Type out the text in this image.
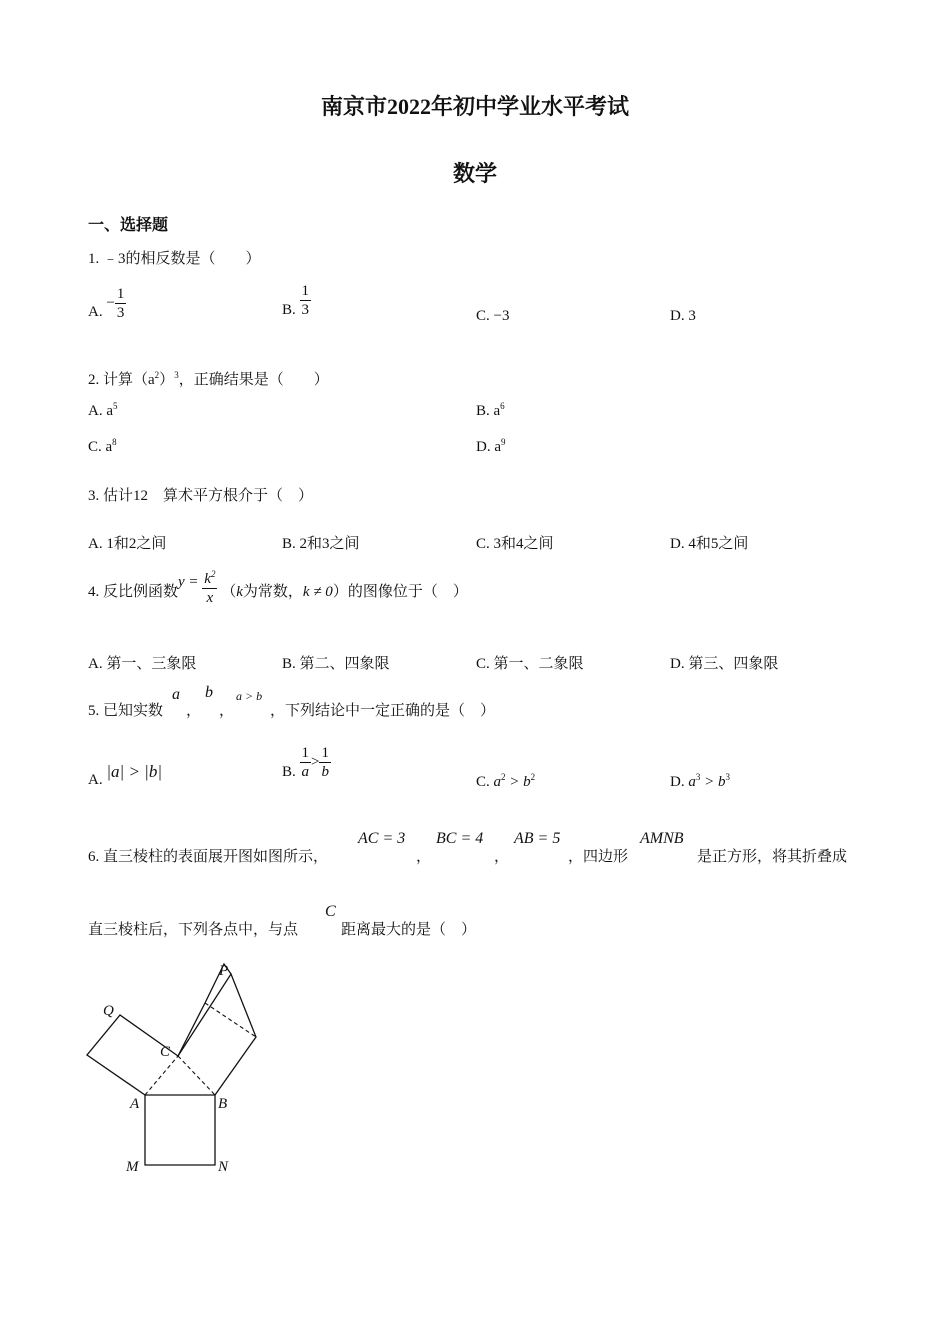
南京市2022年初中学业水平考试
数学
一、选择题
1. ﹣3的相反数是（　　）
A. − $\frac{1}{3}$	B. $\frac{1}{3}$	C. −3	D. 3
2. 计算$(a^2)^3$，正确结果是（　　）
A. $a^5$	B. $a^6$
C. $a^8$	D. $a^9$
3. 估计12　算术平方根介于（　）
A. 1和2之间	B. 2和3之间	C. 3和4之间	D. 4和5之间
4. 反比例函数$y = \frac{k^2}{x} (k$为常数，k ≠ 0）的图像位于（　）
A. 第一、三象限	B. 第二、四象限	C. 第一、二象限	D. 第三、四象限
5. 已知实数
a
，
b
，
a > b
，下列结论中一定正确的是（　）
A. |a| > |b|	B. $\frac{1}{a} > \frac{1}{b}$
C. $a^2 > b^2$	D. $a^3 > b^3$
6. 直三棱柱的表面展开图如图所示，
AC = 3
，
BC = 4
，
AB = 5
，四边形
AMNB
是正方形，将其折叠成
直三棱柱后，下列各点中，与点
C
距离最大的是（　）
P
Q
C
A	B
M	N
